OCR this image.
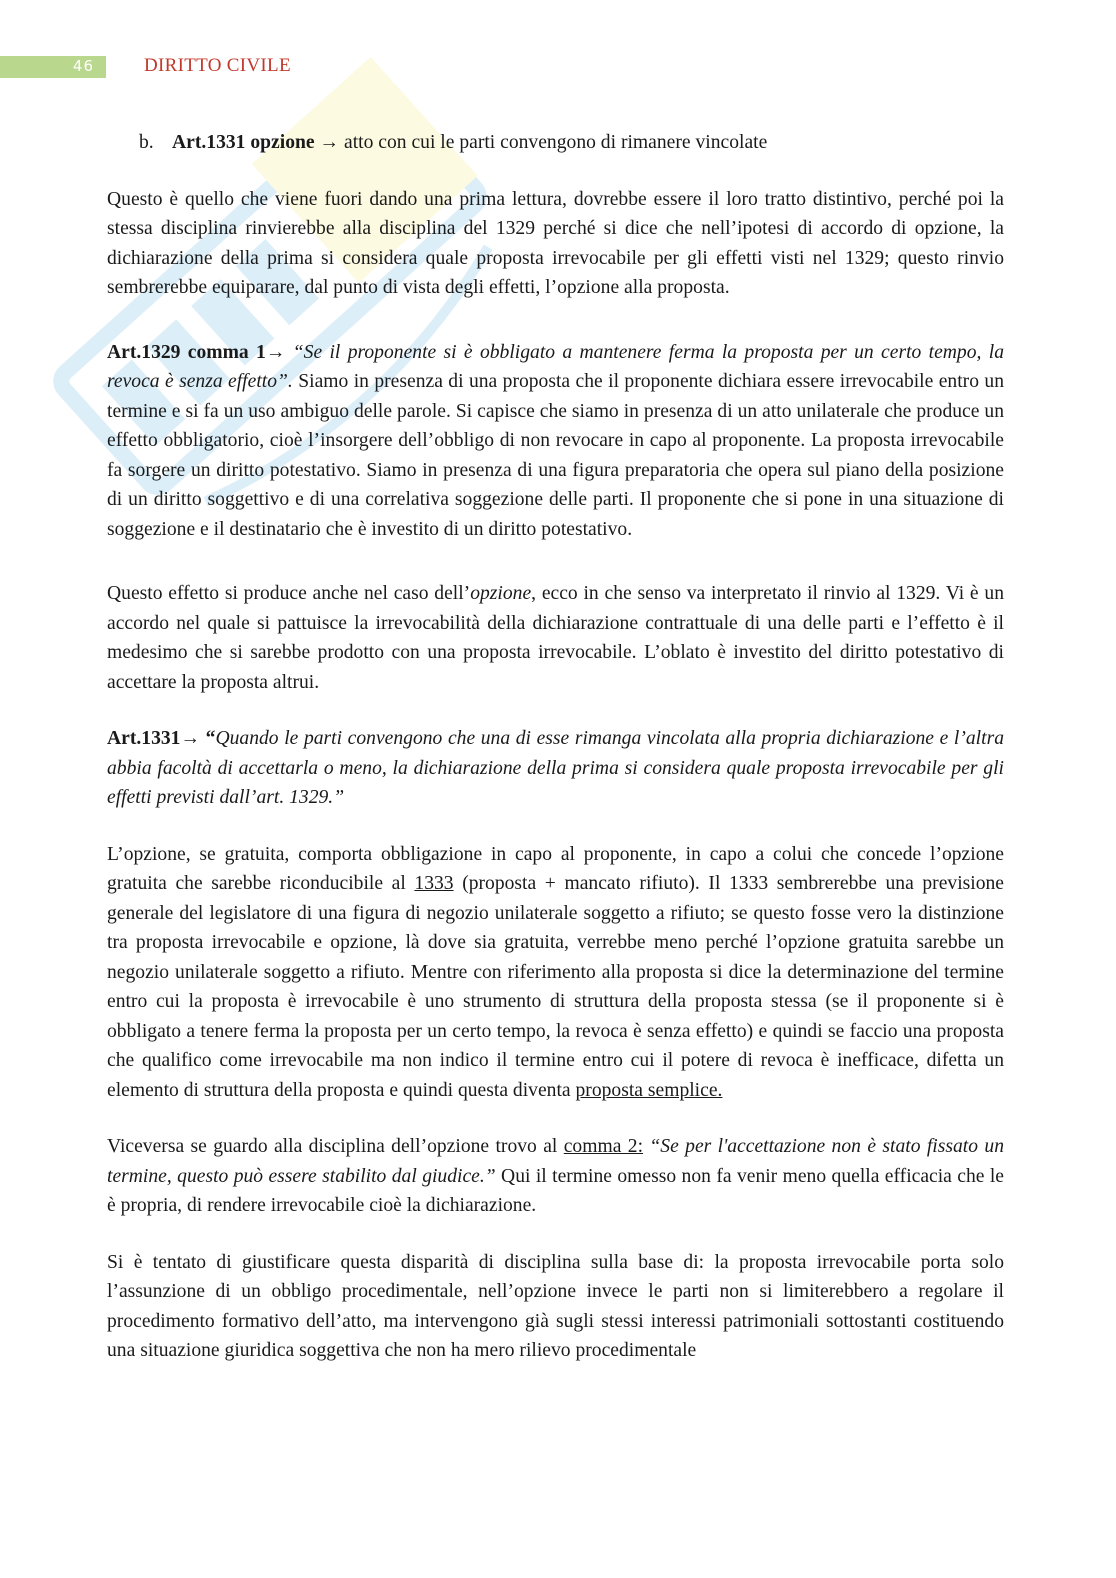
46	DIRITTO CIVILE

b. Art.1331 opzione → atto con cui le parti convengono di rimanere vincolate

Questo è quello che viene fuori dando una prima lettura, dovrebbe essere il loro tratto distintivo, perché poi la stessa disciplina rinvierebbe alla disciplina del 1329 perché si dice che nell’ipotesi di accordo di opzione, la dichiarazione della prima si considera quale proposta irrevocabile per gli effetti visti nel 1329; questo rinvio sembrerebbe equiparare, dal punto di vista degli effetti, l’opzione alla proposta.

Art.1329 comma 1→ “Se il proponente si è obbligato a mantenere ferma la proposta per un certo tempo, la revoca è senza effetto”. Siamo in presenza di una proposta che il proponente dichiara essere irrevocabile entro un termine e si fa un uso ambiguo delle parole. Si capisce che siamo in presenza di un atto unilaterale che produce un effetto obbligatorio, cioè l’insorgere dell’obbligo di non revocare in capo al proponente. La proposta irrevocabile fa sorgere un diritto potestativo. Siamo in presenza di una figura preparatoria che opera sul piano della posizione di un diritto soggettivo e di una correlativa soggezione delle parti. Il proponente che si pone in una situazione di soggezione e il destinatario che è investito di un diritto potestativo.

Questo effetto si produce anche nel caso dell’opzione, ecco in che senso va interpretato il rinvio al 1329. Vi è un accordo nel quale si pattuisce la irrevocabilità della dichiarazione contrattuale di una delle parti e l’effetto è il medesimo che si sarebbe prodotto con una proposta irrevocabile. L’oblato è investito del diritto potestativo di accettare la proposta altrui.

Art.1331→ “Quando le parti convengono che una di esse rimanga vincolata alla propria dichiarazione e l’altra abbia facoltà di accettarla o meno, la dichiarazione della prima si considera quale proposta irrevocabile per gli effetti previsti dall’art. 1329.”

L’opzione, se gratuita, comporta obbligazione in capo al proponente, in capo a colui che concede l’opzione gratuita che sarebbe riconducibile al 1333 (proposta + mancato rifiuto). Il 1333 sembrerebbe una previsione generale del legislatore di una figura di negozio unilaterale soggetto a rifiuto; se questo fosse vero la distinzione tra proposta irrevocabile e opzione, là dove sia gratuita, verrebbe meno perché l’opzione gratuita sarebbe un negozio unilaterale soggetto a rifiuto. Mentre con riferimento alla proposta si dice la determinazione del termine entro cui la proposta è irrevocabile è uno strumento di struttura della proposta stessa (se il proponente si è obbligato a tenere ferma la proposta per un certo tempo, la revoca è senza effetto) e quindi se faccio una proposta che qualifico come irrevocabile ma non indico il termine entro cui il potere di revoca è inefficace, difetta un elemento di struttura della proposta e quindi questa diventa proposta semplice.

Viceversa se guardo alla disciplina dell’opzione trovo al comma 2: “Se per l'accettazione non è stato fissato un termine, questo può essere stabilito dal giudice.” Qui il termine omesso non fa venir meno quella efficacia che le è propria, di rendere irrevocabile cioè la dichiarazione.

Si è tentato di giustificare questa disparità di disciplina sulla base di: la proposta irrevocabile porta solo l’assunzione di un obbligo procedimentale, nell’opzione invece le parti non si limiterebbero a regolare il procedimento formativo dell’atto, ma intervengono già sugli stessi interessi patrimoniali sottostanti costituendo una situazione giuridica soggettiva che non ha mero rilievo procedimentale
